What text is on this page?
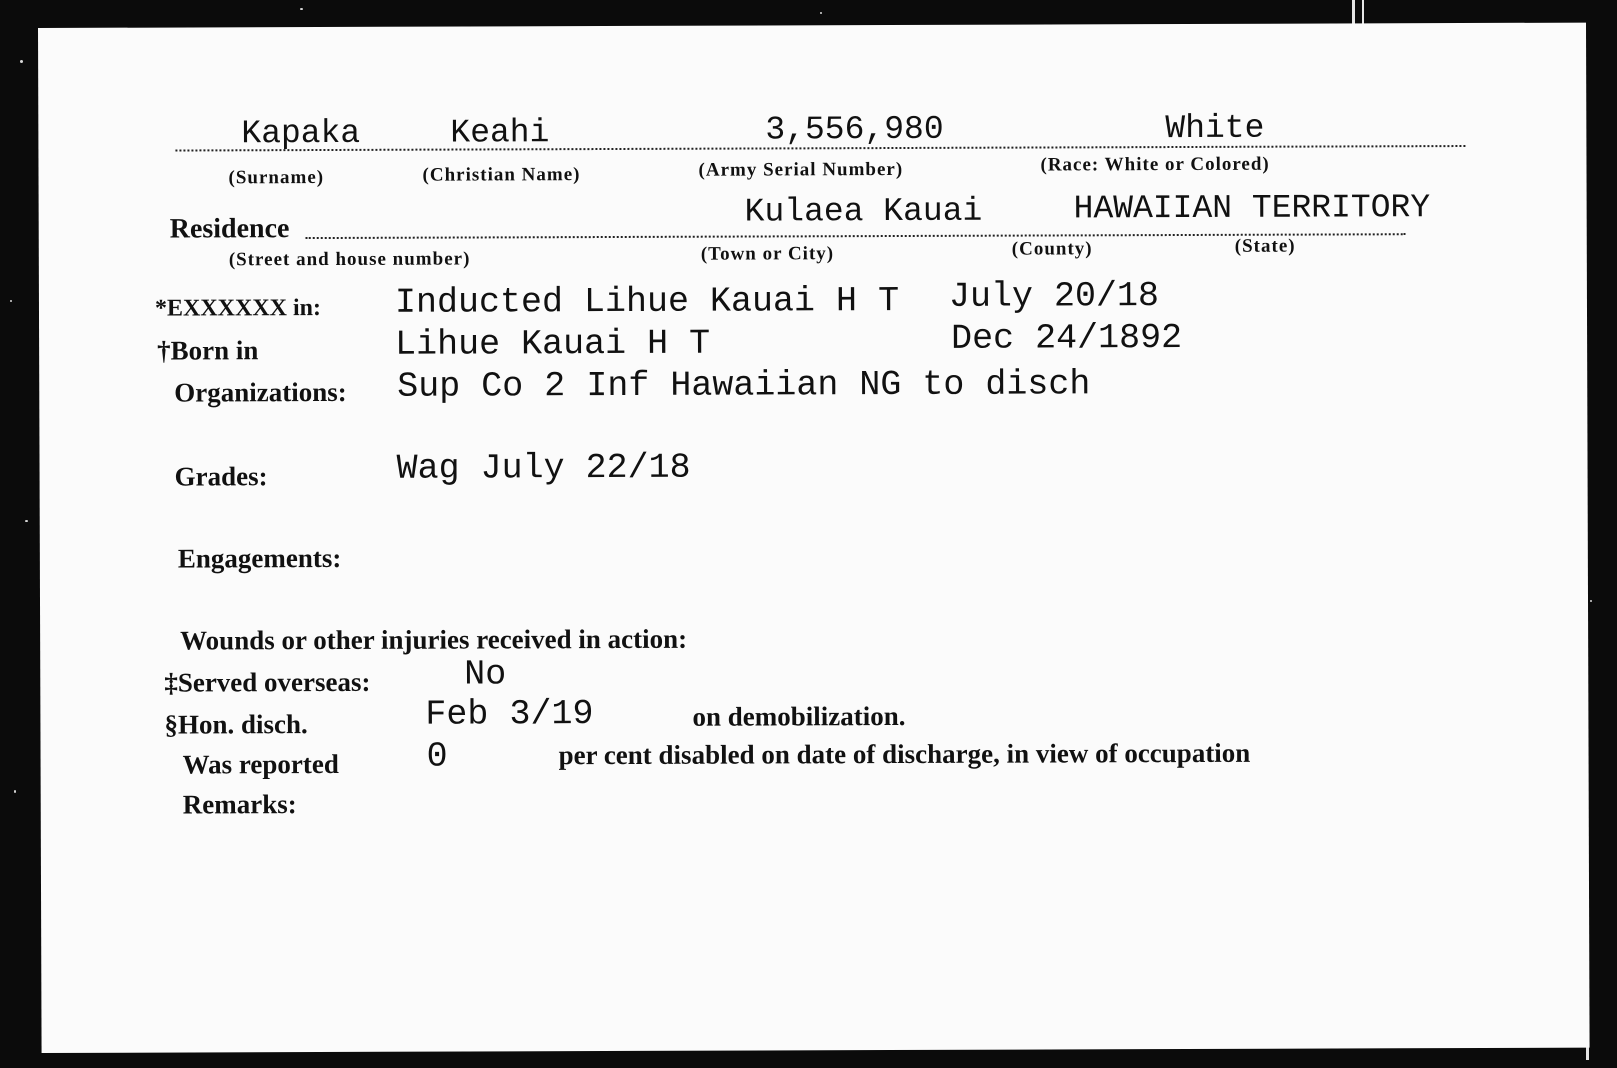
Kapaka	Keahi	3,556,980	White
(Surname)	(Christian Name)	(Army Serial Number)	(Race: White or Colored)
Residence	Kulaea Kauai	HAWAIIAN TERRITORY
(Street and house number)	(Town or City)	(County)	(State)
*EXXXXXX in: Inducted Lihue Kauai H T July 20/18
†Born in	Lihue Kauai H T	Dec 24/1892
Organizations: Sup Co 2 Inf Hawaiian NG to disch
Grades:	Wag July 22/18
Engagements:
Wounds or other injuries received in action:
‡Served overseas:	No
§Hon. disch.	Feb 3/19	on demobilization.
Was reported	0	per cent disabled on date of discharge, in view of occupation
Remarks:
